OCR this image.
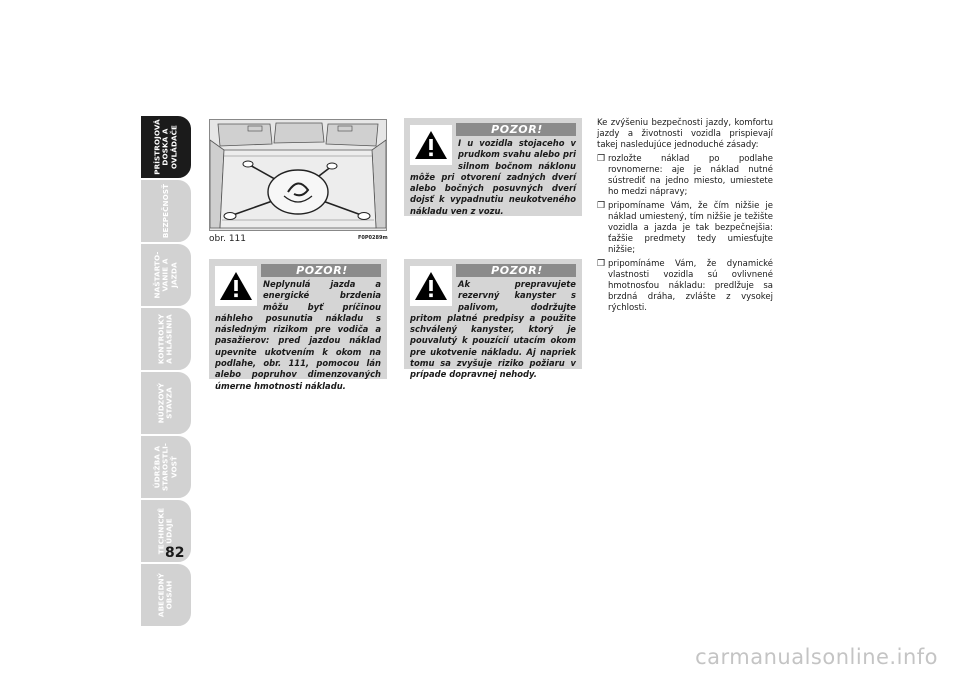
PRÍSTROJOVÁ
DOSKA A
OVLÁDAČE
BEZPEČNOSŤ
NAŠTARTO-
VANIE A
JAZDA
KONTROLKY
A HLÁSENIA
NÚDZOVÝ
STAVZA
ÚDRŽBA A
STAROSTLI-
VOSŤ
TECHNICKÉ
ÚDAJE
ABECEDNÝ
OBSAH
82
obr. 111	F0P0289m
POZOR!
Neplynulá jazda a energické brzdenia môžu byť príčinou náhleho posunutia nákladu s následným rizikom pre vodiča a pasažierov: pred jazdou náklad upevnite ukotvením k okom na podlahe, obr. 111, pomocou lán alebo popruhov dimenzovaných úmerne hmotnosti nákladu.
POZOR!
I u vozidla stojaceho v prudkom svahu alebo pri silnom bočnom náklonu môže pri otvorení zadných dverí alebo bočných posuvných dverí dojsť k vypadnutiu neukotveného nákladu ven z vozu.
POZOR!
Ak prepravujete rezervný kanyster s palivom, dodržujte pritom platné predpisy a použite schválený kanyster, ktorý je pouvalutý k pouzícií utacím okom pre ukotvenie nákladu. Aj napriek tomu sa zvyšuje riziko požiaru v prípade dopravnej nehody.

Ke zvýšeniu bezpečnosti jazdy, komfortu jazdy a životnosti vozidla prispievají takej nasledujúce jednoduché zásady:

❒ rozložte náklad po podlahe rovnomerne: aje je náklad nutné sústrediť na jedno miesto, umiestete ho medzi nápravy;
❒ pripomíname Vám, že čím nižšie je náklad umiestený, tím nižšie je težište vozidla a jazda je tak bezpečnejšia: ťažšie predmety tedy umiesťujte nižšie;
❒ pripomínáme Vám, že dynamické vlastnosti vozidla sú ovlivnené hmotnosťou nákladu: predlžuje sa brzdná dráha, zvlášte z vysokej rýchlosti.
carmanualsonline.info
